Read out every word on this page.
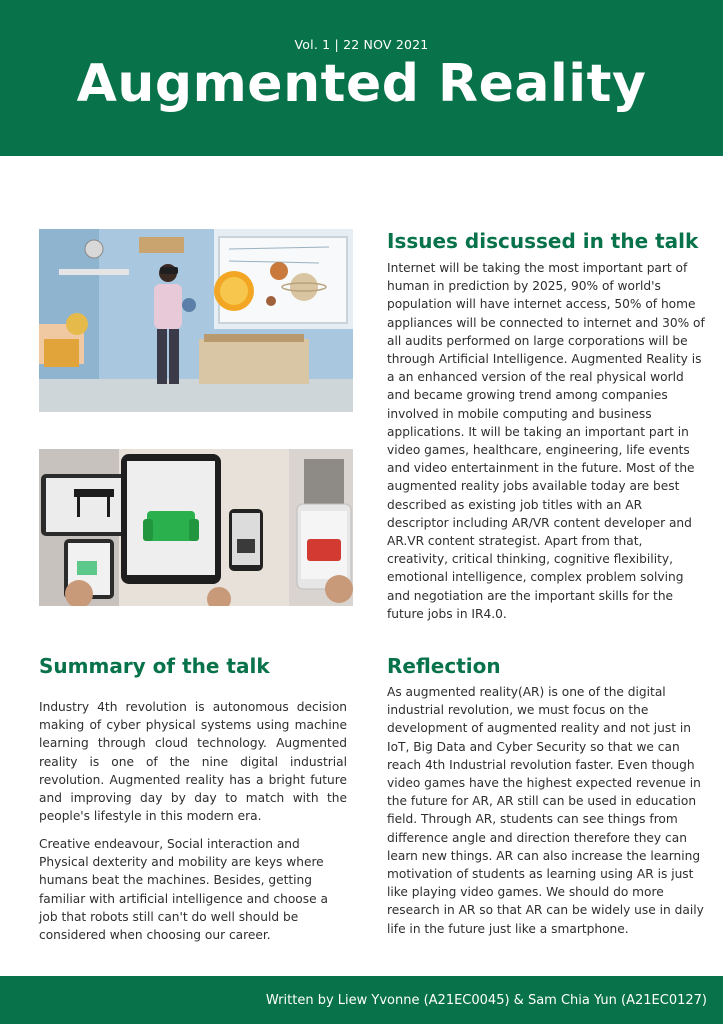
Vol. 1 | 22 NOV 2021
Augmented Reality
Issues discussed in the talk
Internet will be taking the most important part of human in prediction by 2025, 90% of world's population will have internet access, 50% of home appliances will be connected to internet and 30% of all audits performed on large corporations will be through Artificial Intelligence. Augmented Reality is a an enhanced version of the real physical world and became growing trend among companies involved in mobile computing and business applications. It will be taking an important part in video games, healthcare, engineering, life events and video entertainment in the future. Most of the augmented reality jobs available today are best described as existing job titles with an AR descriptor including AR/VR content developer and AR.VR content strategist. Apart from that, creativity, critical thinking, cognitive flexibility, emotional intelligence, complex problem solving and negotiation are the important skills for the future jobs in IR4.0.
Summary of the talk
Industry 4th revolution is autonomous decision making of cyber physical systems using machine learning through cloud technology. Augmented reality is one of the nine digital industrial revolution. Augmented reality has a bright future and improving day by day to match with the people's lifestyle in this modern era.
Creative endeavour, Social interaction and Physical dexterity and mobility are keys where humans beat the machines. Besides, getting familiar with artificial intelligence and choose a job that robots still can't do well should be considered when choosing our career.
Reflection
As augmented reality(AR) is one of the digital industrial revolution, we must focus on the development of augmented reality and not just in IoT, Big Data and Cyber Security so that we can reach 4th Industrial revolution faster. Even though video games have the highest expected revenue in the future for AR, AR still can be used in education field. Through AR, students can see things from difference angle and direction therefore they can learn new things. AR can also increase the learning motivation of students as learning using AR is just like playing video games. We should do more research in AR so that AR can be widely use in daily life in the future just like a smartphone.
Written by Liew Yvonne (A21EC0045) & Sam Chia Yun (A21EC0127)
